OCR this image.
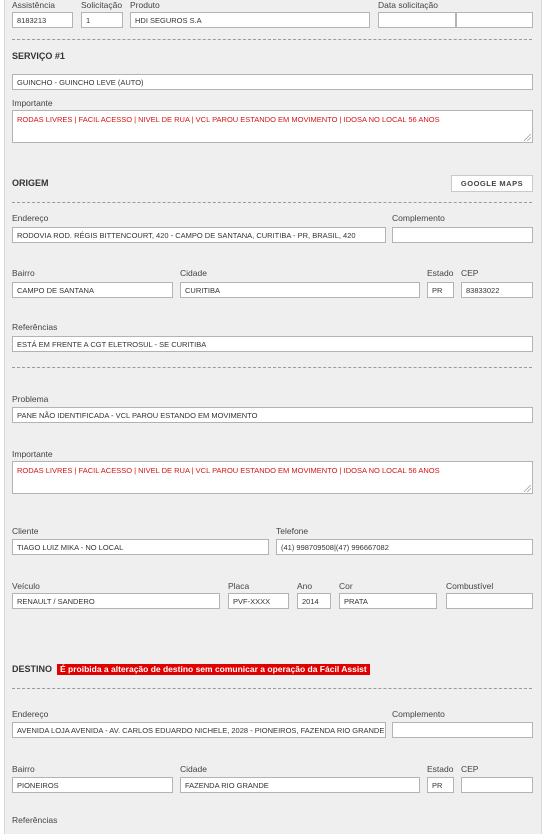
Assistência
8183213
Solicitação
1
Produto
HDI SEGUROS S.A
Data solicitação
SERVIÇO #1
GUINCHO - GUINCHO LEVE (AUTO)
Importante
RODAS LIVRES | FACIL ACESSO | NIVEL DE RUA | VCL PAROU ESTANDO EM MOVIMENTO | IDOSA NO LOCAL 56 ANOS
ORIGEM	GOOGLE MAPS
Endereço
RODOVIA ROD. RÉGIS BITTENCOURT, 420 - CAMPO DE SANTANA, CURITIBA - PR, BRASIL, 420
Complemento
Bairro
CAMPO DE SANTANA
Cidade
CURITIBA
Estado
PR
CEP
83833022
Referências
ESTÁ EM FRENTE A CGT ELETROSUL - SE CURITIBA
Problema
PANE NÃO IDENTIFICADA - VCL PAROU ESTANDO EM MOVIMENTO
Importante
RODAS LIVRES | FACIL ACESSO | NIVEL DE RUA | VCL PAROU ESTANDO EM MOVIMENTO | IDOSA NO LOCAL 56 ANOS
Cliente
TIAGO LUIZ MIKA - NO LOCAL
Telefone
(41) 998709508|(47) 996667082
Veículo
RENAULT / SANDERO
Placa
PVF-XXXX
Ano
2014
Cor
PRATA
Combustível
DESTINO É proibida a alteração de destino sem comunicar a operação da Fácil Assist
Endereço
AVENIDA LOJA AVENIDA - AV. CARLOS EDUARDO NICHELE, 2028 - PIONEIROS, FAZENDA RIO GRANDE
Complemento
Bairro
PIONEIROS
Cidade
FAZENDA RIO GRANDE
Estado
PR
CEP
Referências
